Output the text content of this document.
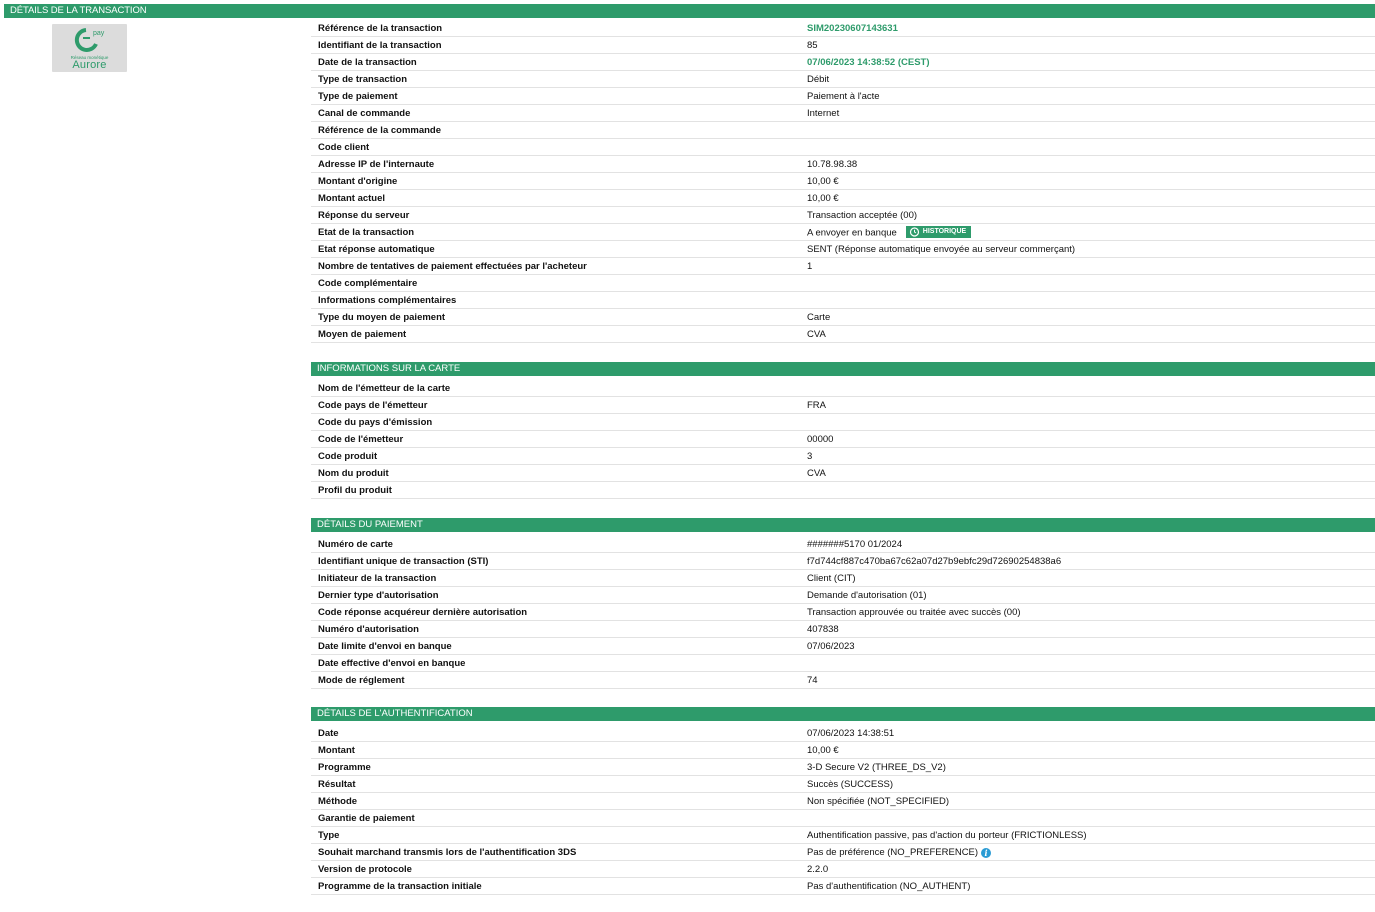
DÉTAILS DE LA TRANSACTION
pay
Réseau monétique
Aurore
Référence de la transaction	SIM20230607143631
Identifiant de la transaction	85
Date de la transaction	07/06/2023 14:38:52 (CEST)
Type de transaction	Débit
Type de paiement	Paiement à l'acte
Canal de commande	Internet
Référence de la commande
Code client
Adresse IP de l'internaute	10.78.98.38
Montant d'origine	10,00 €
Montant actuel	10,00 €
Réponse du serveur	Transaction acceptée (00)
Etat de la transaction	A envoyer en banque	HISTORIQUE
Etat réponse automatique	SENT (Réponse automatique envoyée au serveur commerçant)
Nombre de tentatives de paiement effectuées par l'acheteur	1
Code complémentaire
Informations complémentaires
Type du moyen de paiement	Carte
Moyen de paiement	CVA
INFORMATIONS SUR LA CARTE
Nom de l'émetteur de la carte
Code pays de l'émetteur	FRA
Code du pays d'émission
Code de l'émetteur	00000
Code produit	3
Nom du produit	CVA
Profil du produit
DÉTAILS DU PAIEMENT
Numéro de carte	#######5170 01/2024
Identifiant unique de transaction (STI)	f7d744cf887c470ba67c62a07d27b9ebfc29d72690254838a6
Initiateur de la transaction	Client (CIT)
Dernier type d'autorisation	Demande d'autorisation (01)
Code réponse acquéreur dernière autorisation	Transaction approuvée ou traitée avec succès (00)
Numéro d'autorisation	407838
Date limite d'envoi en banque	07/06/2023
Date effective d'envoi en banque
Mode de réglement	74
DÉTAILS DE L'AUTHENTIFICATION
Date	07/06/2023 14:38:51
Montant	10,00 €
Programme	3-D Secure V2 (THREE_DS_V2)
Résultat	Succès (SUCCESS)
Méthode	Non spécifiée (NOT_SPECIFIED)
Garantie de paiement
Type	Authentification passive, pas d'action du porteur (FRICTIONLESS)
Souhait marchand transmis lors de l'authentification 3DS	Pas de préférence (NO_PREFERENCE) i
Version de protocole	2.2.0
Programme de la transaction initiale	Pas d'authentification (NO_AUTHENT)
